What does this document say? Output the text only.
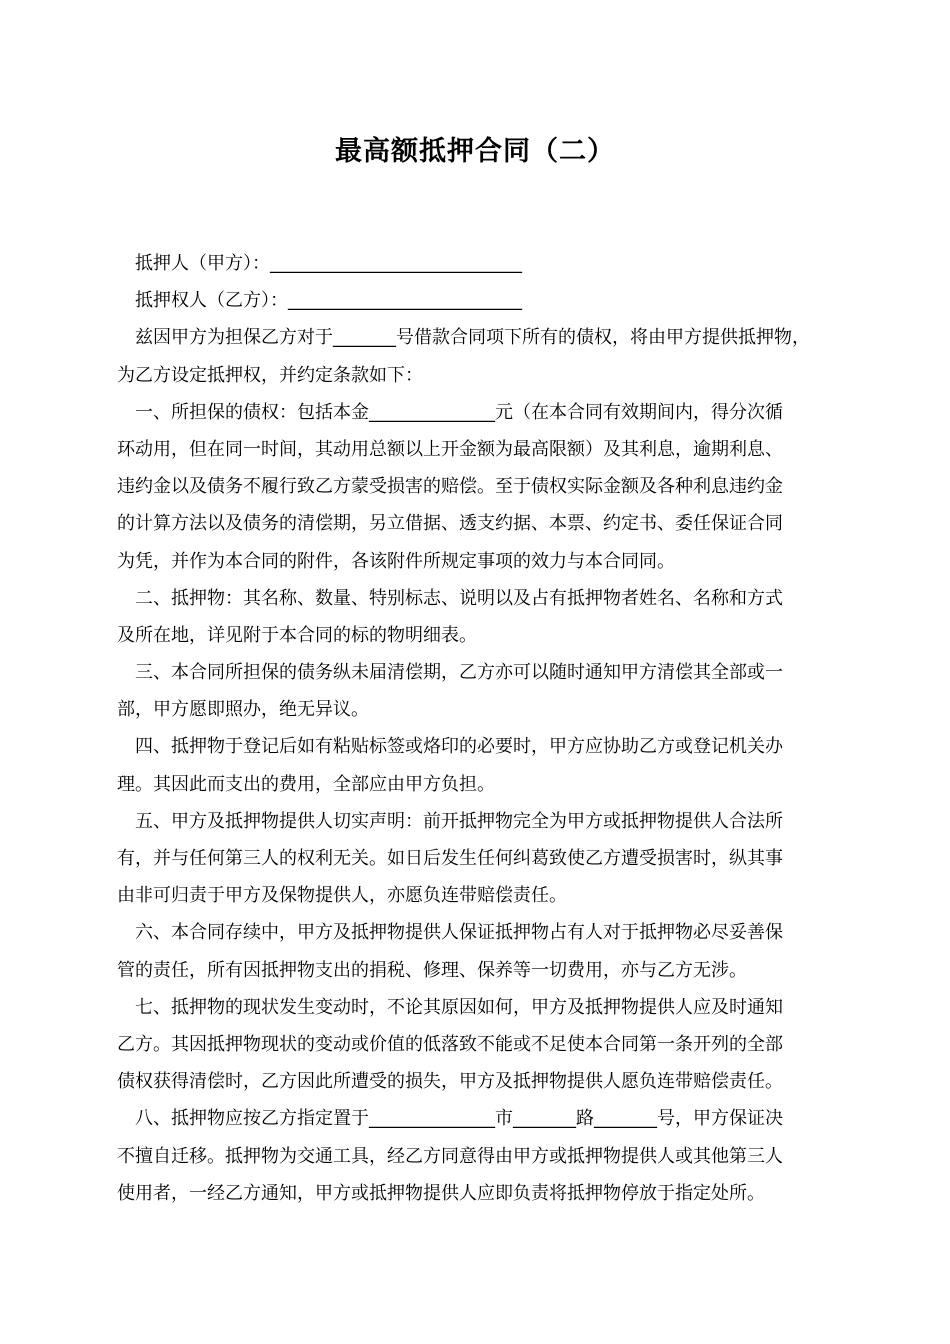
最高额抵押合同（二）
抵押人（甲方）：____________________________
抵押权人（乙方）：__________________________
兹因甲方为担保乙方对于_______号借款合同项下所有的债权，将由甲方提供抵押物，
为乙方设定抵押权，并约定条款如下：
一、所担保的债权：包括本金______________元（在本合同有效期间内，得分次循
环动用，但在同一时间，其动用总额以上开金额为最高限额）及其利息，逾期利息、
违约金以及债务不履行致乙方蒙受损害的赔偿。至于债权实际金额及各种利息违约金
的计算方法以及债务的清偿期，另立借据、透支约据、本票、约定书、委任保证合同
为凭，并作为本合同的附件，各该附件所规定事项的效力与本合同同。
二、抵押物：其名称、数量、特别标志、说明以及占有抵押物者姓名、名称和方式
及所在地，详见附于本合同的标的物明细表。
三、本合同所担保的债务纵未届清偿期，乙方亦可以随时通知甲方清偿其全部或一
部，甲方愿即照办，绝无异议。
四、抵押物于登记后如有粘贴标签或烙印的必要时，甲方应协助乙方或登记机关办
理。其因此而支出的费用，全部应由甲方负担。
五、甲方及抵押物提供人切实声明：前开抵押物完全为甲方或抵押物提供人合法所
有，并与任何第三人的权利无关。如日后发生任何纠葛致使乙方遭受损害时，纵其事
由非可归责于甲方及保物提供人，亦愿负连带赔偿责任。
六、本合同存续中，甲方及抵押物提供人保证抵押物占有人对于抵押物必尽妥善保
管的责任，所有因抵押物支出的捐税、修理、保养等一切费用，亦与乙方无涉。
七、抵押物的现状发生变动时，不论其原因如何，甲方及抵押物提供人应及时通知
乙方。其因抵押物现状的变动或价值的低落致不能或不足使本合同第一条开列的全部
债权获得清偿时，乙方因此所遭受的损失，甲方及抵押物提供人愿负连带赔偿责任。
八、抵押物应按乙方指定置于______________市_______路_______号，甲方保证决
不擅自迁移。抵押物为交通工具，经乙方同意得由甲方或抵押物提供人或其他第三人
使用者，一经乙方通知，甲方或抵押物提供人应即负责将抵押物停放于指定处所。
